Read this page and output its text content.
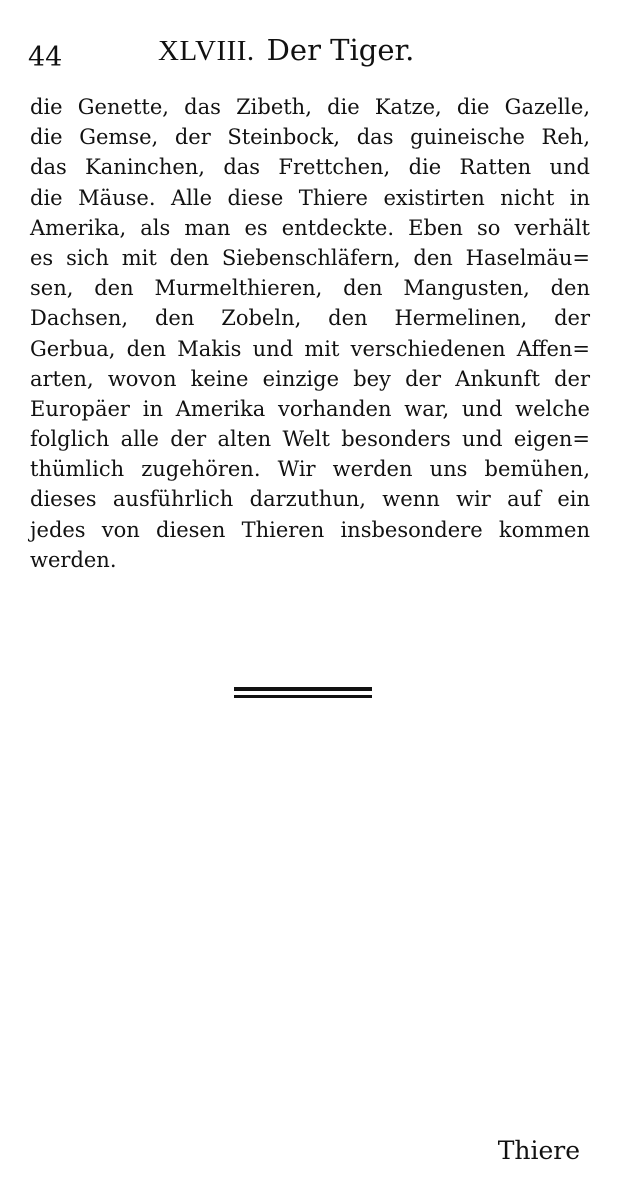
44	XLVIII. Der Tiger.
die Genette, das Zibeth, die Katze, die Gazelle,
die Gemse, der Steinbock, das guineische Reh,
das Kaninchen, das Frettchen, die Ratten und
die Mäuse. Alle diese Thiere existirten nicht in
Amerika, als man es entdeckte. Eben so verhält
es sich mit den Siebenschläfern, den Haselmäu=
sen, den Murmelthieren, den Mangusten, den
Dachsen, den Zobeln, den Hermelinen, der
Gerbua, den Makis und mit verschiedenen Affen=
arten, wovon keine einzige bey der Ankunft der
Europäer in Amerika vorhanden war, und welche
folglich alle der alten Welt besonders und eigen=
thümlich zugehören. Wir werden uns bemühen,
dieses ausführlich darzuthun, wenn wir auf ein
jedes von diesen Thieren insbesondere kommen
werden.
Thiere
